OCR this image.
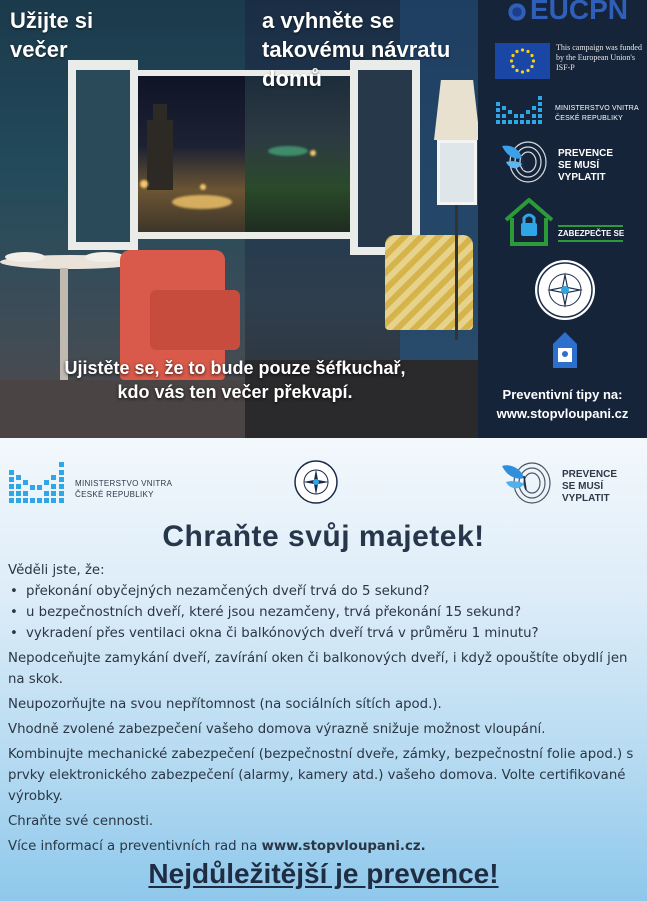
Užijte si večer
a vyhněte se takovému návratu domů
Ujistěte se, že to bude pouze šéfkuchař,
kdo vás ten večer překvapí.
EUCPN
This campaign was funded by the European Union's ISF-P
MINISTERSTVO VNITRA
ČESKÉ REPUBLIKY
PREVENCE
SE MUSÍ VYPLATIT
ZABEZPEČTE SE
Preventivní tipy na:
www.stopvloupani.cz
MINISTERSTVO VNITRA
ČESKÉ REPUBLIKY
PREVENCE
SE MUSÍ VYPLATIT
Chraňte svůj majetek!

Věděli jste, že:

• překonání obyčejných nezamčených dveří trvá do 5 sekund?
• u bezpečnostních dveří, které jsou nezamčeny, trvá překonání 15 sekund?
• vykradení přes ventilaci okna či balkónových dveří trvá v průměru 1 minutu?

Nepodceňujte zamykání dveří, zavírání oken či balkonových dveří, i když opouštíte obydlí jen na skok.

Neupozorňujte na svou nepřítomnost (na sociálních sítích apod.).

Vhodně zvolené zabezpečení vašeho domova výrazně snižuje možnost vloupání.

Kombinujte mechanické zabezpečení (bezpečnostní dveře, zámky, bezpečnostní folie apod.) s prvky elektronického zabezpečení (alarmy, kamery atd.) vašeho domova. Volte certifikované výrobky.

Chraňte své cennosti.

Více informací a preventivních rad na www.stopvloupani.cz.

Nejdůležitější je prevence!
